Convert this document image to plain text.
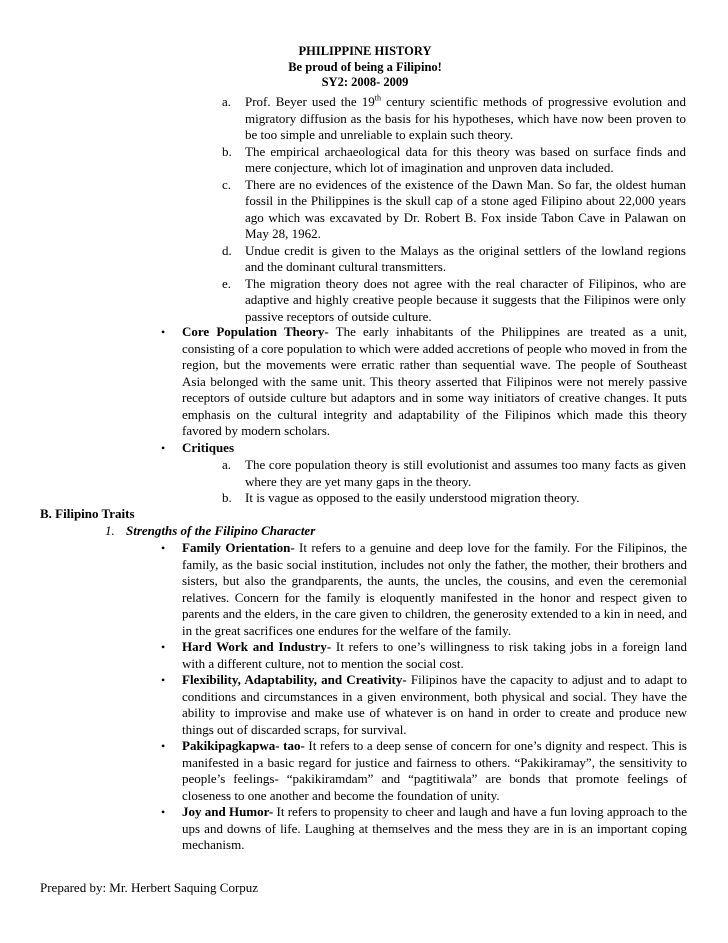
PHILIPPINE HISTORY
Be proud of being a Filipino!
SY2: 2008- 2009
a. Prof. Beyer used the 19th century scientific methods of progressive evolution and migratory diffusion as the basis for his hypotheses, which have now been proven to be too simple and unreliable to explain such theory.
b. The empirical archaeological data for this theory was based on surface finds and mere conjecture, which lot of imagination and unproven data included.
c. There are no evidences of the existence of the Dawn Man. So far, the oldest human fossil in the Philippines is the skull cap of a stone aged Filipino about 22,000 years ago which was excavated by Dr. Robert B. Fox inside Tabon Cave in Palawan on May 28, 1962.
d. Undue credit is given to the Malays as the original settlers of the lowland regions and the dominant cultural transmitters.
e. The migration theory does not agree with the real character of Filipinos, who are adaptive and highly creative people because it suggests that the Filipinos were only passive receptors of outside culture.
• Core Population Theory- The early inhabitants of the Philippines are treated as a unit, consisting of a core population to which were added accretions of people who moved in from the region, but the movements were erratic rather than sequential wave. The people of Southeast Asia belonged with the same unit. This theory asserted that Filipinos were not merely passive receptors of outside culture but adaptors and in some way initiators of creative changes. It puts emphasis on the cultural integrity and adaptability of the Filipinos which made this theory favored by modern scholars.
• Critiques
a. The core population theory is still evolutionist and assumes too many facts as given where they are yet many gaps in the theory.
b. It is vague as opposed to the easily understood migration theory.
B. Filipino Traits
1. Strengths of the Filipino Character
• Family Orientation- It refers to a genuine and deep love for the family. For the Filipinos, the family, as the basic social institution, includes not only the father, the mother, their brothers and sisters, but also the grandparents, the aunts, the uncles, the cousins, and even the ceremonial relatives. Concern for the family is eloquently manifested in the honor and respect given to parents and the elders, in the care given to children, the generosity extended to a kin in need, and in the great sacrifices one endures for the welfare of the family.
• Hard Work and Industry- It refers to one’s willingness to risk taking jobs in a foreign land with a different culture, not to mention the social cost.
• Flexibility, Adaptability, and Creativity- Filipinos have the capacity to adjust and to adapt to conditions and circumstances in a given environment, both physical and social. They have the ability to improvise and make use of whatever is on hand in order to create and produce new things out of discarded scraps, for survival.
• Pakikipagkapwa- tao- It refers to a deep sense of concern for one’s dignity and respect. This is manifested in a basic regard for justice and fairness to others. “Pakikiramay”, the sensitivity to people’s feelings- “pakikiramdam” and “pagtitiwala” are bonds that promote feelings of closeness to one another and become the foundation of unity.
• Joy and Humor- It refers to propensity to cheer and laugh and have a fun loving approach to the ups and downs of life. Laughing at themselves and the mess they are in is an important coping mechanism.
Prepared by: Mr. Herbert Saquing Corpuz
